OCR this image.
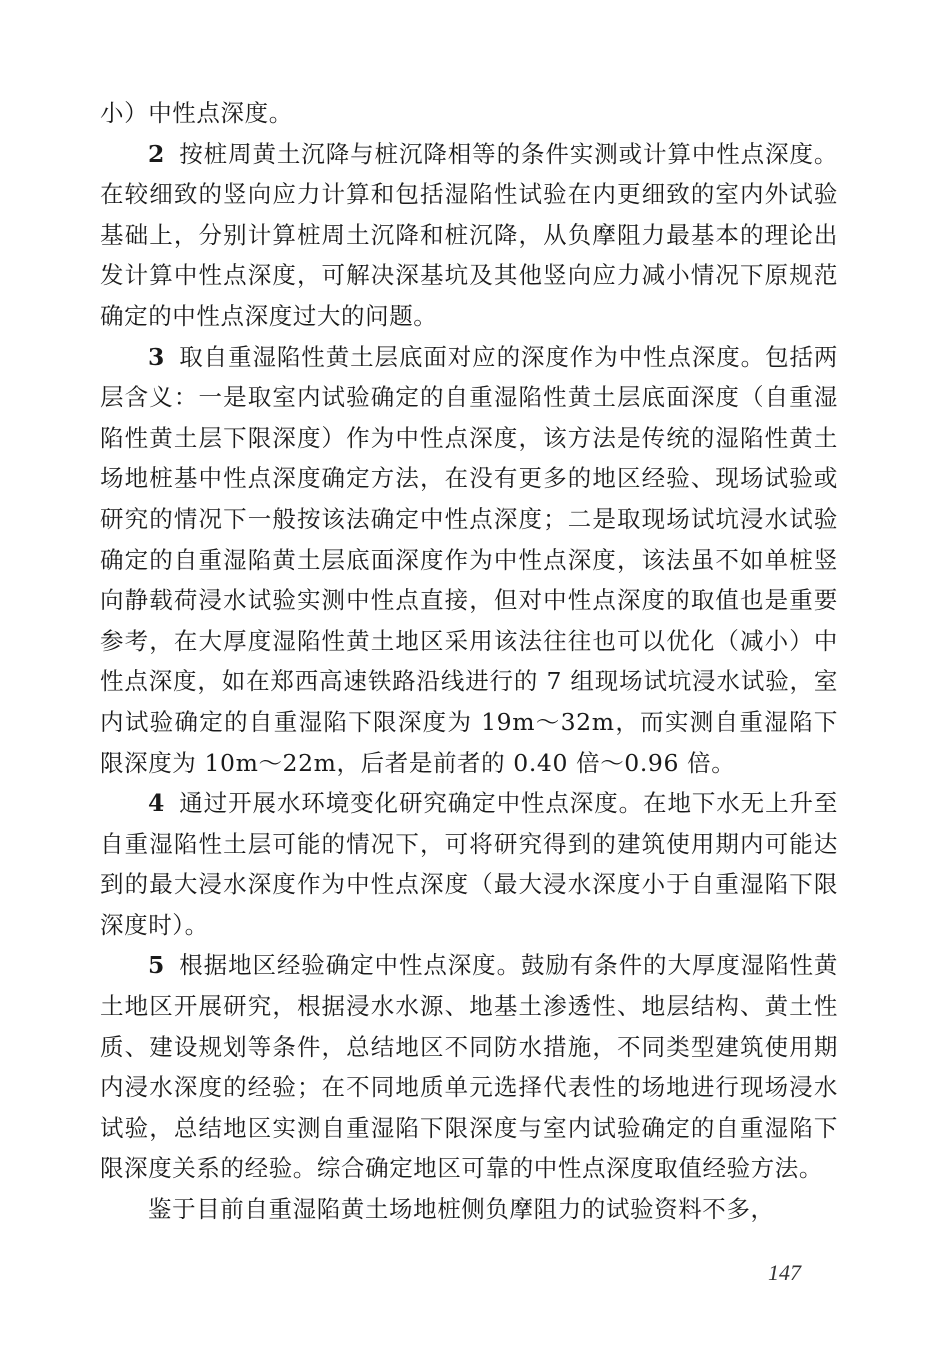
小）中性点深度。

2 按桩周黄土沉降与桩沉降相等的条件实测或计算中性点深度。在较细致的竖向应力计算和包括湿陷性试验在内更细致的室内外试验基础上，分别计算桩周土沉降和桩沉降，从负摩阻力最基本的理论出发计算中性点深度，可解决深基坑及其他竖向应力减小情况下原规范确定的中性点深度过大的问题。

3 取自重湿陷性黄土层底面对应的深度作为中性点深度。包括两层含义：一是取室内试验确定的自重湿陷性黄土层底面深度（自重湿陷性黄土层下限深度）作为中性点深度，该方法是传统的湿陷性黄土场地桩基中性点深度确定方法，在没有更多的地区经验、现场试验或研究的情况下一般按该法确定中性点深度；二是取现场试坑浸水试验确定的自重湿陷黄土层底面深度作为中性点深度，该法虽不如单桩竖向静载荷浸水试验实测中性点直接，但对中性点深度的取值也是重要参考，在大厚度湿陷性黄土地区采用该法往往也可以优化（减小）中性点深度，如在郑西高速铁路沿线进行的 7 组现场试坑浸水试验，室内试验确定的自重湿陷下限深度为 19m～32m，而实测自重湿陷下限深度为 10m～22m，后者是前者的 0.40 倍～0.96 倍。

4 通过开展水环境变化研究确定中性点深度。在地下水无上升至自重湿陷性土层可能的情况下，可将研究得到的建筑使用期内可能达到的最大浸水深度作为中性点深度（最大浸水深度小于自重湿陷下限深度时）。

5 根据地区经验确定中性点深度。鼓励有条件的大厚度湿陷性黄土地区开展研究，根据浸水水源、地基土渗透性、地层结构、黄土性质、建设规划等条件，总结地区不同防水措施，不同类型建筑使用期内浸水深度的经验；在不同地质单元选择代表性的场地进行现场浸水试验，总结地区实测自重湿陷下限深度与室内试验确定的自重湿陷下限深度关系的经验。综合确定地区可靠的中性点深度取值经验方法。

鉴于目前自重湿陷黄土场地桩侧负摩阻力的试验资料不多，

147
